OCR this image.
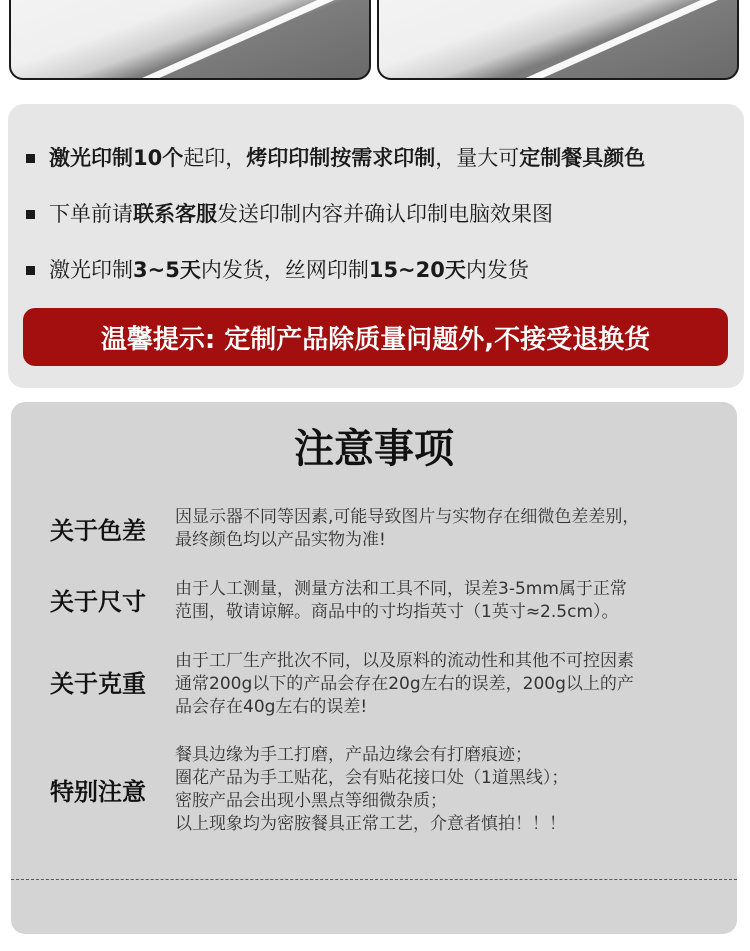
激光印制10个 起印， 烤印印制按需求印制 ，量大可 定制餐具颜色
下单前请 联系客服 发送印制内容并确认印制电脑效果图
激光印制 3~5天 内发货，丝网印制 15~20天 内发货
温馨提示: 定制产品除质量问题外,不接受退换货
注意事项
关于色差 因显示器不同等因素,可能导致图片与实物存在细微色差差别，
最终颜色均以产品实物为准!
关于尺寸 由于人工测量，测量方法和工具不同，误差3-5mm属于正常
范围，敬请谅解。商品中的寸均指英寸（1英寸≈2.5cm）。
关于克重
由于工厂生产批次不同，以及原料的流动性和其他不可控因素
通常200g以下的产品会存在20g左右的误差，200g以上的产
品会存在40g左右的误差!
特别注意
餐具边缘为手工打磨，产品边缘会有打磨痕迹；
圈花产品为手工贴花，会有贴花接口处（1道黑线）；
密胺产品会出现小黑点等细微杂质；
以上现象均为密胺餐具正常工艺，介意者慎拍！！！
